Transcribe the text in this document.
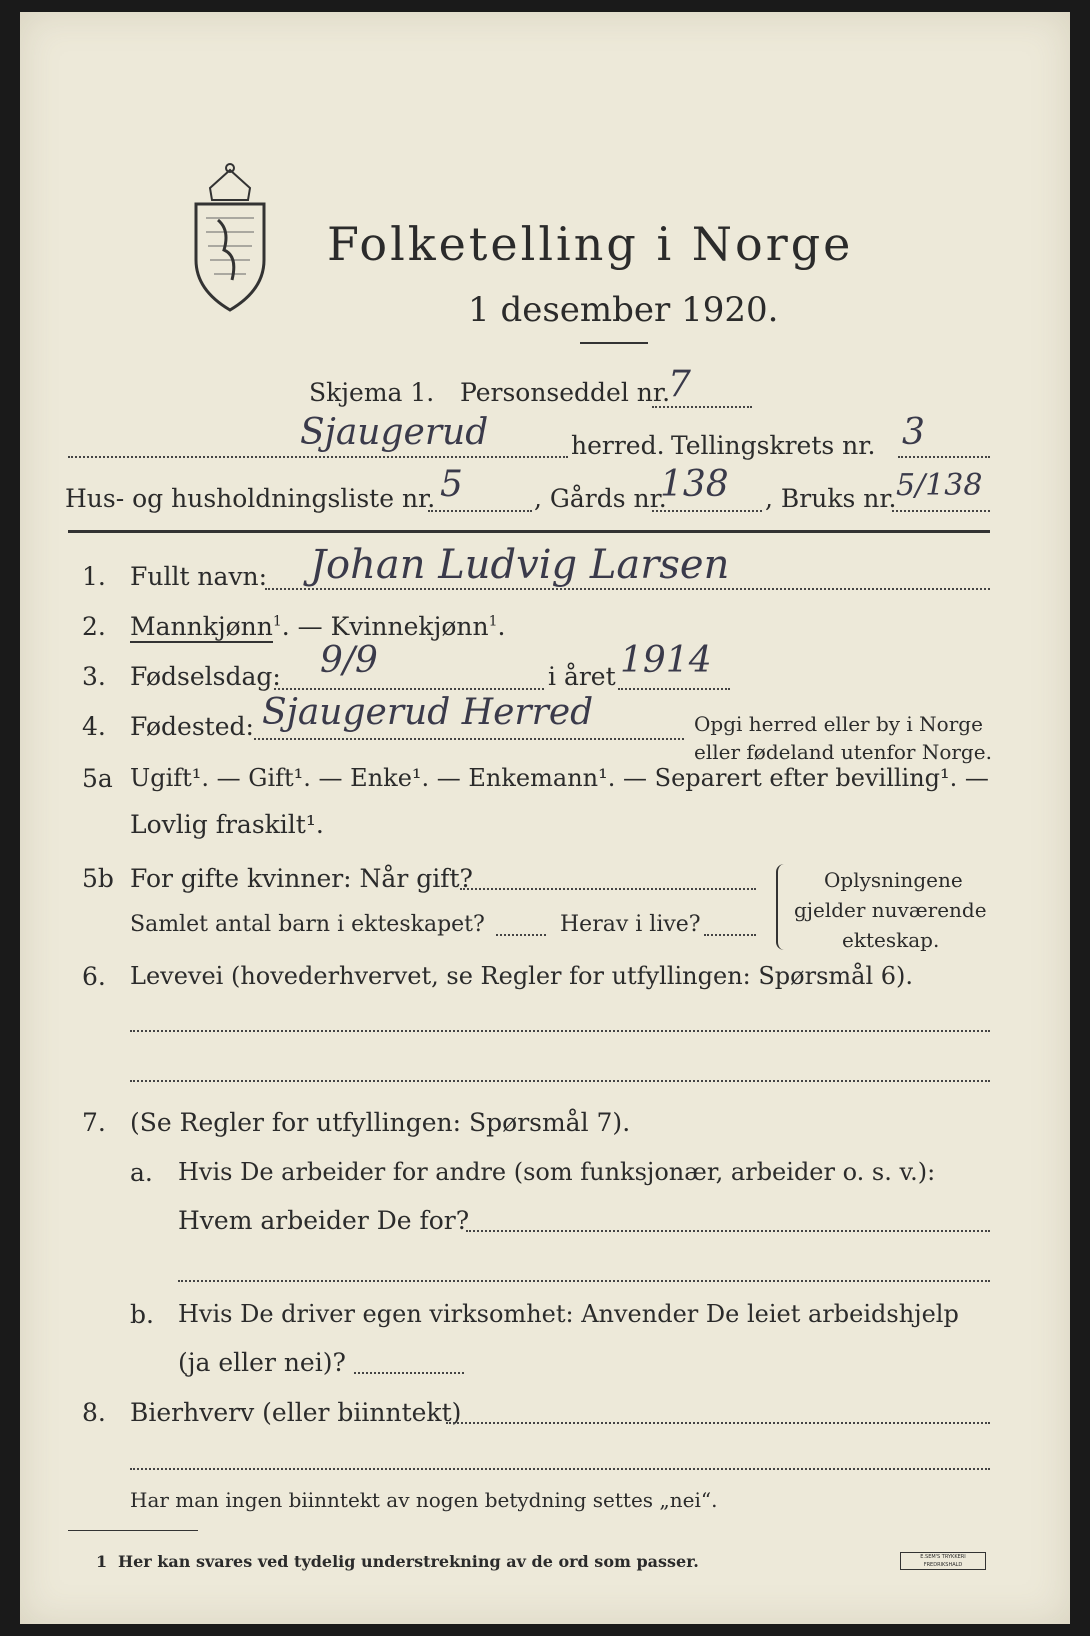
Folketelling i Norge
1 desember 1920.
Skjema 1. Personseddel nr.
7
Sjaugerud	herred. Tellingskrets nr. 3
Hus- og husholdningsliste nr. 5	, Gårds nr.
138 , Bruks nr. 5/138
1. Fullt navn: Johan Ludvig Larsen
2. Mannkjønn$^1$. — Kvinnekjønn$^1$.
3. Fødselsdag: 9/9	i året 1914
4. Fødested: Sjaugerud Herred	Opgi herred eller by i Norge
eller fødeland utenfor Norge.
5a Ugift¹. — Gift¹. — Enke¹. — Enkemann¹. — Separert efter bevilling¹. —
Lovlig fraskilt¹.
5b For gifte kvinner: Når gift?
Samlet antal barn i ekteskapet?	Herav i live?
Oplysningene
gjelder nuværende
ekteskap.
6. Levevei (hovederhvervet, se Regler for utfyllingen: Spørsmål 6).
7. (Se Regler for utfyllingen: Spørsmål 7).
a. Hvis De arbeider for andre (som funksjonær, arbeider o. s. v.):
Hvem arbeider De for?
b. Hvis De driver egen virksomhet: Anvender De leiet arbeidshjelp
(ja eller nei)?
8. Bierhverv (eller biinntekt)
Har man ingen biinntekt av nogen betydning settes „nei“.
1 Her kan svares ved tydelig understrekning av de ord som passer.	E.SEM'S TRYKKERI FREDRIKSHALD
